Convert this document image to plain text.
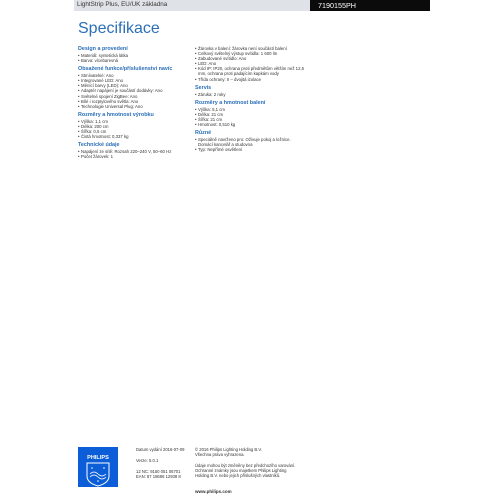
LightStrip Plus, EU/UK základna	7190155PH
Specifikace
Design a provedení
• Materiál: syntetická látka
• Barva: vícebarevná
Obsažené funkce/příslušenství navíc
• Stmívatelné: Ano
• Integrované LED: Ano
• Měnící barvy (LED): Ano
• Adaptér napájení je součástí dodávky: Ano
• Světelné spojení ZigBee: Ano
• Bílé i rozptylového světla: Ano
• Technologie Universal Plug: Ano
Rozměry a hmotnost výrobku
• Výška: 1,1 cm
• Délka: 200 cm
• Šířka: 0,5 cm
• Čistá hmotnost: 0,337 kg
Technické údaje
• Napájení ze sítě: Rozsah 220–240 V, 50–60 Hz
• Počet žárovek: 1
• Žárovka v balení: žárovka není součástí balení
• Celkový světelný výstup svítidla: 1 600 lm
• Zabudované svítidlo: Ano
• LED: Ano
• Kód IP: IP20, ochrana proti předmětům větším než 12,5 mm, ochrana proti padajícím kapkám vody
• Třída ochrany: II – dvojitá izolace
Servis
• Záruka: 2 roky
Rozměry a hmotnost balení
• Výška: 5,1 cm
• Délka: 21 cm
• Šířka: 21 cm
• Hmotnost: 0,510 kg
Různé
• Speciálně navrženo pro: Oživuje pokoj a ložnice. Domácí kancelář a studovna
• Typ: Nepřímé osvětlení
PHILIPS
Datum vydání 2016-07-09
Verze: 5.0.1
12 NC: 9150 051 06701
EAN: 87 18696 12938 8
© 2016 Philips Lighting Holding B.V.
Všechna práva vyhrazena.
Údaje mohou být změněny bez předchozího varování.
Ochranné známky jsou majetkem Philips Lighting
Holding B.V. nebo jejich příslušných vlastníků.
www.philips.com
